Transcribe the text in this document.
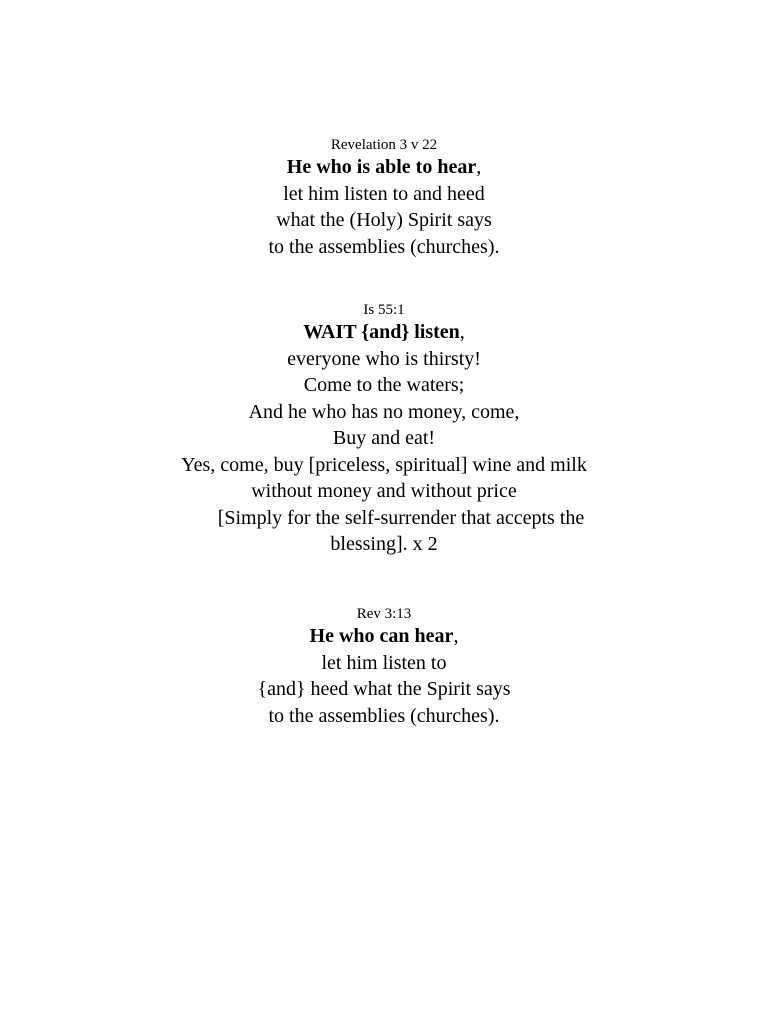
Revelation 3 v 22
He who is able to hear,
let him listen to and heed
what the (Holy) Spirit says
to the assemblies (churches).
Is 55:1
WAIT {and} listen,
everyone who is thirsty!
Come to the waters;
And he who has no money, come,
Buy and eat!
Yes, come, buy [priceless, spiritual] wine and milk
without money and without price
[Simply for the self-surrender that accepts the
blessing]. x 2
Rev 3:13
He who can hear,
let him listen to
{and} heed what the Spirit says
to the assemblies (churches).
